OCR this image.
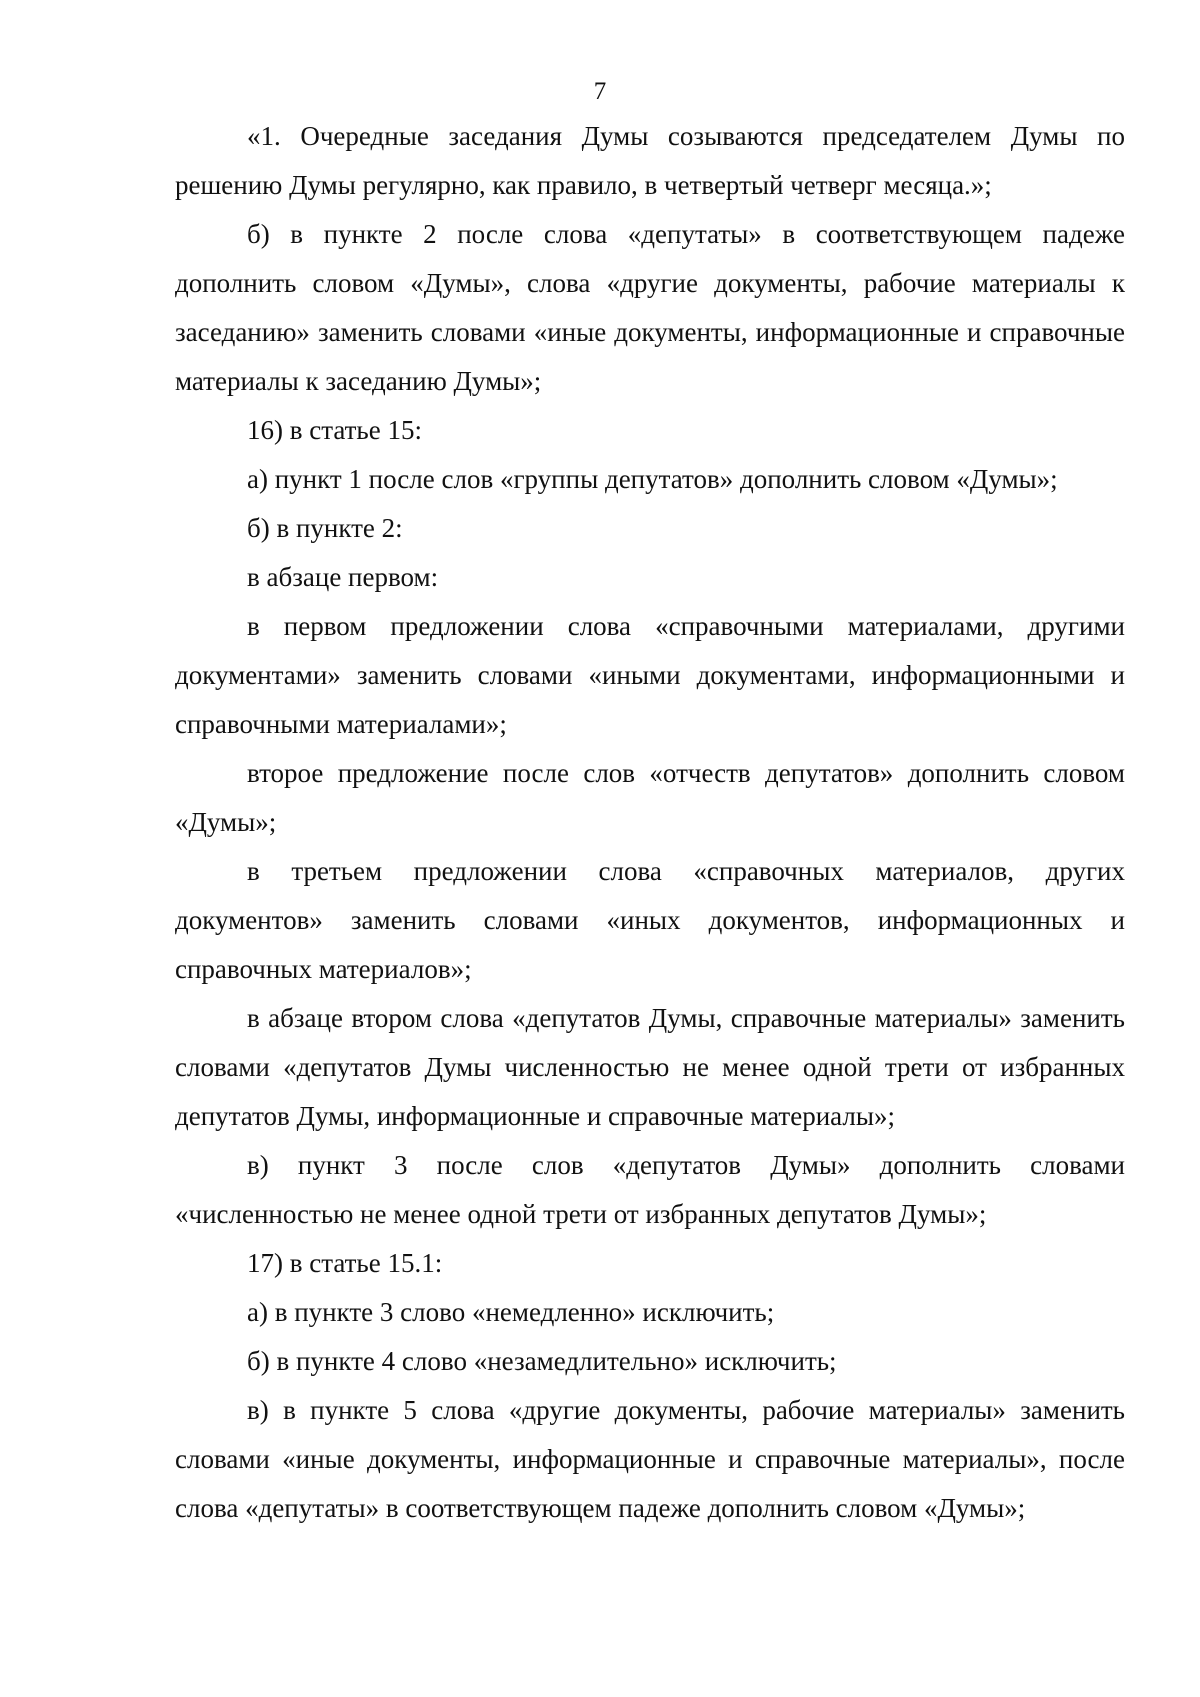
7

«1. Очередные заседания Думы созываются председателем Думы по решению Думы регулярно, как правило, в четвертый четверг месяца.»;

б) в пункте 2 после слова «депутаты» в соответствующем падеже дополнить словом «Думы», слова «другие документы, рабочие материалы к заседанию» заменить словами «иные документы, информационные и справочные материалы к заседанию Думы»;

16) в статье 15:

а) пункт 1 после слов «группы депутатов» дополнить словом «Думы»;

б) в пункте 2:

в абзаце первом:

в первом предложении слова «справочными материалами, другими документами» заменить словами «иными документами, информационными и справочными материалами»;

второе предложение после слов «отчеств депутатов» дополнить словом «Думы»;

в третьем предложении слова «справочных материалов, других документов» заменить словами «иных документов, информационных и справочных материалов»;

в абзаце втором слова «депутатов Думы, справочные материалы» заменить словами «депутатов Думы численностью не менее одной трети от избранных депутатов Думы, информационные и справочные материалы»;

в) пункт 3 после слов «депутатов Думы» дополнить словами «численностью не менее одной трети от избранных депутатов Думы»;

17) в статье 15.1:

а) в пункте 3 слово «немедленно» исключить;

б) в пункте 4 слово «незамедлительно» исключить;

в) в пункте 5 слова «другие документы, рабочие материалы» заменить словами «иные документы, информационные и справочные материалы», после слова «депутаты» в соответствующем падеже дополнить словом «Думы»;
